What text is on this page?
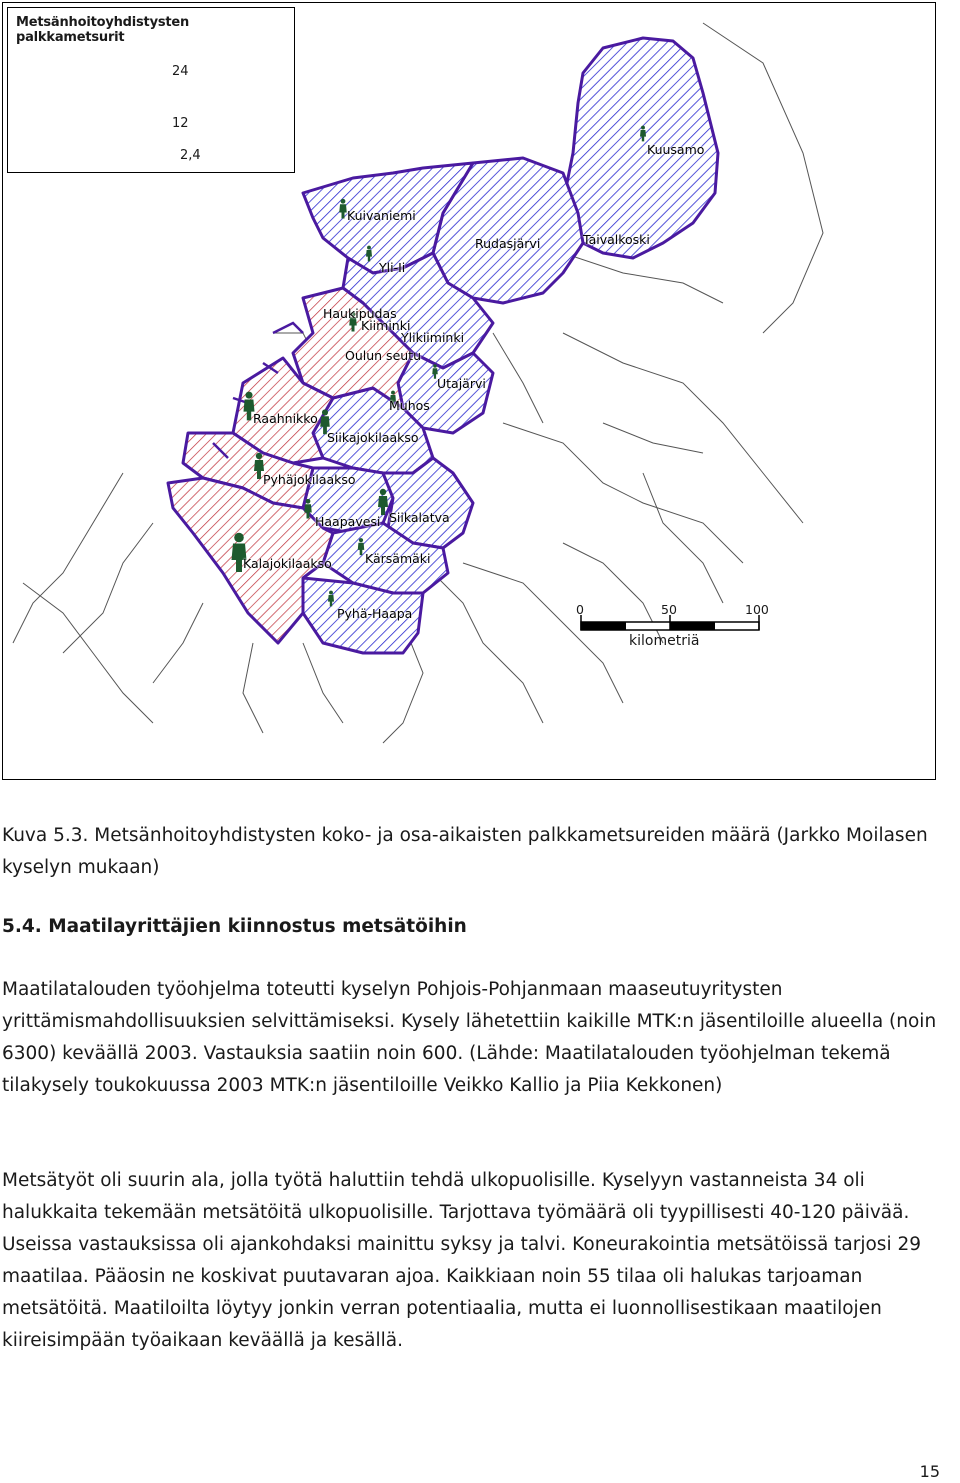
Metsänhoitoyhdistysten palkkametsurit
24
12
2,4	Kuusamo
Kuivaniemi
Rudasjärvi	Taivalkoski
Yli-Ii
Haukipudas
Kiiminki
Ylikiiminki
Oulun seutu
Utajärvi
Muhos
Raahnikko
Siikajokilaakso
Pyhäjokilaakso
Haapavesi Siikalatva
Kalajokilaakso	Kärsämäki
Pyhä-Haapa	0	50	100
kilometriä
Kuva 5.3. Metsänhoitoyhdistysten koko- ja osa-aikaisten palkkametsureiden määrä (Jarkko Moilasen kyselyn mukaan)
5.4. Maatilayrittäjien kiinnostus metsätöihin
Maatilatalouden työohjelma toteutti kyselyn Pohjois-Pohjanmaan maaseutuyritysten yrittämismahdollisuuksien selvittämiseksi. Kysely lähetettiin kaikille MTK:n jäsentiloille alueella (noin 6300) keväällä 2003. Vastauksia saatiin noin 600. (Lähde: Maatilatalouden työohjelman tekemä tilakysely toukokuussa 2003 MTK:n jäsentiloille Veikko Kallio ja Piia Kekkonen)
Metsätyöt oli suurin ala, jolla työtä haluttiin tehdä ulkopuolisille. Kyselyyn vastanneista 34 oli halukkaita tekemään metsätöitä ulkopuolisille. Tarjottava työmäärä oli tyypillisesti 40-120 päivää. Useissa vastauksissa oli ajankohdaksi mainittu syksy ja talvi. Koneurakointia metsätöissä tarjosi 29 maatilaa. Pääosin ne koskivat puutavaran ajoa. Kaikkiaan noin 55 tilaa oli halukas tarjoaman metsätöitä. Maatiloilta löytyy jonkin verran potentiaalia, mutta ei luonnollisestikaan maatilojen kiireisimpään työaikaan keväällä ja kesällä.
15
